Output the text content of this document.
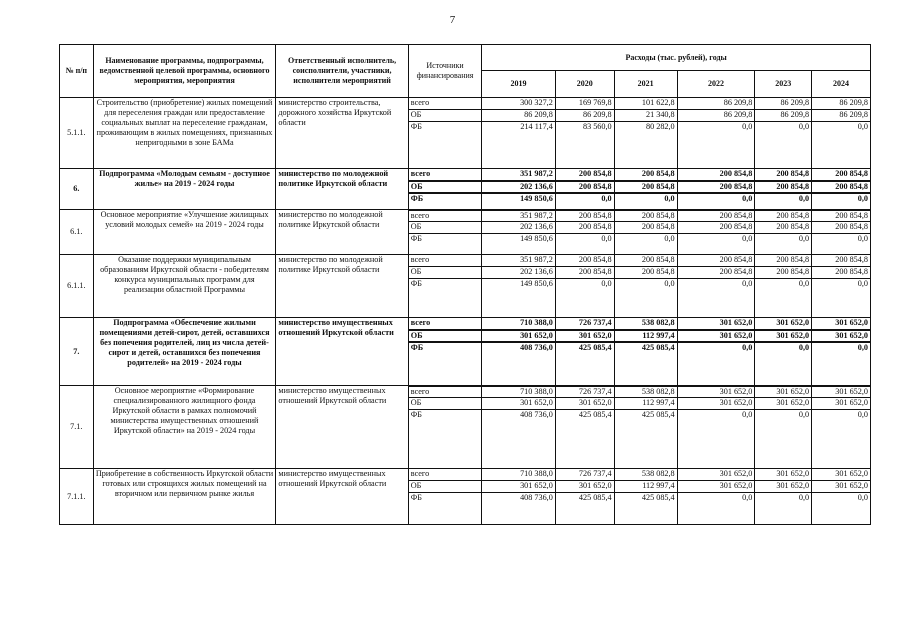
7
№ п/п	Наименование программы, подпрограммы, ведомственной целевой программы, основного мероприятия, мероприятия	Ответственный исполнитель, соисполнители, участники, исполнители мероприятий	Источники финансирования	Расходы (тыс. рублей), годы					
				2019	2020	2021	2022	2023	2024
5.1.1.	Строительство (приобретение) жилых помещений для переселения граждан или предоставление социальных выплат на переселение гражданам, проживающим в жилых помещениях, признанных непригодными в зоне БАМа	министерство строительства, дорожного хозяйства Иркутской области	всего	300 327,2	169 769,8	101 622,8	86 209,8	86 209,8	86 209,8
			ОБ	86 209,8	86 209,8	21 340,8	86 209,8	86 209,8	86 209,8
			ФБ	214 117,4	83 560,0	80 282,0	0,0	0,0	0,0
6.	Подпрограмма «Молодым семьям - доступное жилье» на 2019 - 2024 годы	министерство по молодежной политике Иркутской области	всего	351 987,2	200 854,8	200 854,8	200 854,8	200 854,8	200 854,8
			ОБ	202 136,6	200 854,8	200 854,8	200 854,8	200 854,8	200 854,8
			ФБ	149 850,6	0,0	0,0	0,0	0,0	0,0
6.1.	Основное мероприятие «Улучшение жилищных условий молодых семей» на 2019 - 2024 годы	министерство по молодежной политике Иркутской области	всего	351 987,2	200 854,8	200 854,8	200 854,8	200 854,8	200 854,8
			ОБ	202 136,6	200 854,8	200 854,8	200 854,8	200 854,8	200 854,8
			ФБ	149 850,6	0,0	0,0	0,0	0,0	0,0
6.1.1.	Оказание поддержки муниципальным образованиям Иркутской области - победителям конкурса муниципальных программ для реализации областной Программы	министерство по молодежной политике Иркутской области	всего	351 987,2	200 854,8	200 854,8	200 854,8	200 854,8	200 854,8
			ОБ	202 136,6	200 854,8	200 854,8	200 854,8	200 854,8	200 854,8
			ФБ	149 850,6	0,0	0,0	0,0	0,0	0,0
7.	Подпрограмма «Обеспечение жилыми помещениями детей-сирот, детей, оставшихся без попечения родителей, лиц из числа детей-сирот и детей, оставшихся без попечения родителей» на 2019 - 2024 годы	министерство имущественных отношений Иркутской области	всего	710 388,0	726 737,4	538 082,8	301 652,0	301 652,0	301 652,0
			ОБ	301 652,0	301 652,0	112 997,4	301 652,0	301 652,0	301 652,0
			ФБ	408 736,0	425 085,4	425 085,4	0,0	0,0	0,0
7.1.	Основное мероприятие «Формирование специализированного жилищного фонда Иркутской области в рамках полномочий министерства имущественных отношений Иркутской области» на 2019 - 2024 годы	министерство имущественных отношений Иркутской области	всего	710 388,0	726 737,4	538 082,8	301 652,0	301 652,0	301 652,0
			ОБ	301 652,0	301 652,0	112 997,4	301 652,0	301 652,0	301 652,0
			ФБ	408 736,0	425 085,4	425 085,4	0,0	0,0	0,0
7.1.1.	Приобретение в собственность Иркутской области готовых или строящихся жилых помещений на вторичном или первичном рынке жилья	министерство имущественных отношений Иркутской области	всего	710 388,0	726 737,4	538 082,8	301 652,0	301 652,0	301 652,0
			ОБ	301 652,0	301 652,0	112 997,4	301 652,0	301 652,0	301 652,0
			ФБ	408 736,0	425 085,4	425 085,4	0,0	0,0	0,0
